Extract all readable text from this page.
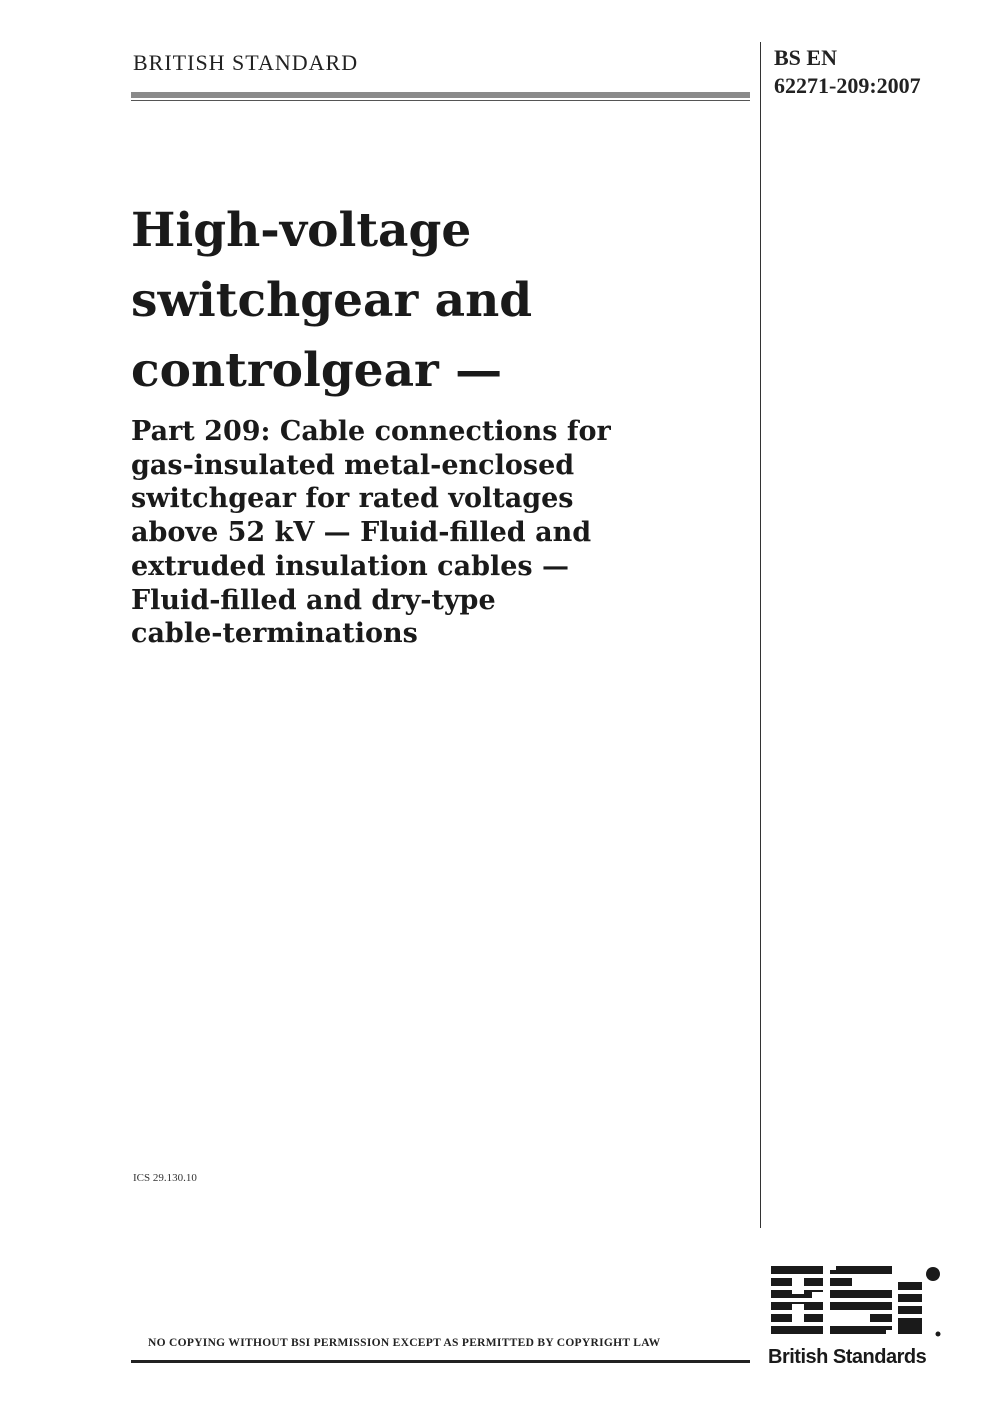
BRITISH STANDARD	BS EN
62271-209:2007
High-voltage
switchgear and
controlgear —
Part 209: Cable connections for
gas-insulated metal-enclosed
switchgear for rated voltages
above 52 kV — Fluid-filled and
extruded insulation cables —
Fluid-filled and dry-type
cable-terminations
ICS 29.130.10
British Standards
NO COPYING WITHOUT BSI PERMISSION EXCEPT AS PERMITTED BY COPYRIGHT LAW
